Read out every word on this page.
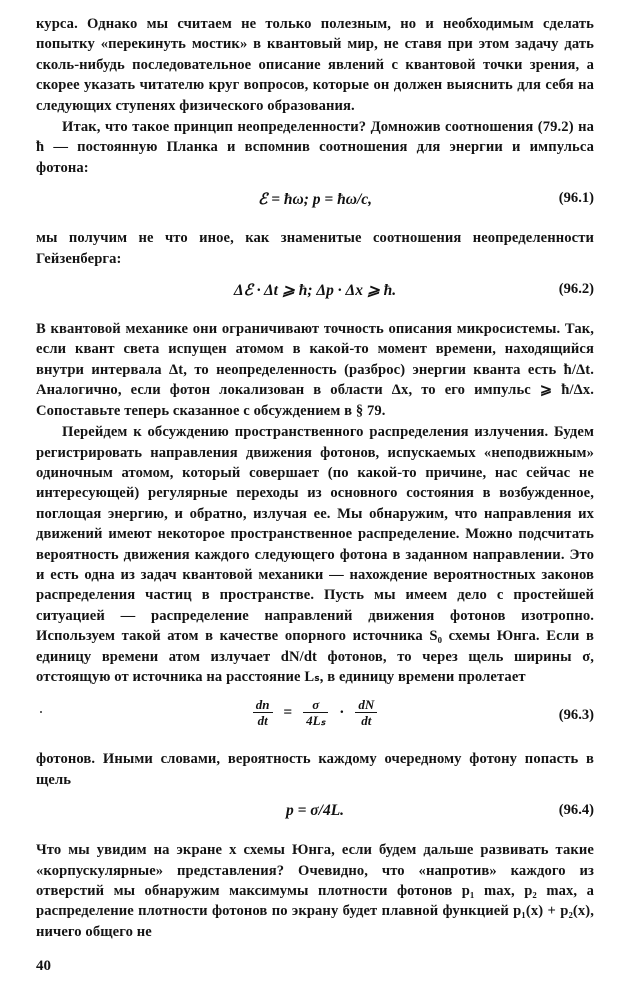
курса. Однако мы считаем не только полезным, но и необходимым сделать попытку «перекинуть мостик» в квантовый мир, не ставя при этом задачу дать сколь-нибудь последовательное описание явлений с квантовой точки зрения, а скорее указать читателю круг вопросов, которые он должен выяснить для себя на следующих ступенях физического образования.

Итак, что такое принцип неопределенности? Домножив соотношения (79.2) на ħ — постоянную Планка и вспомнив соотношения для энергии и импульса фотона:

ℰ = ħω; p = ħω/c,	(96.1)

мы получим не что иное, как знаменитые соотношения неопределенности Гейзенберга:

Δℰ · Δt ⩾ ħ; Δp · Δx ⩾ ħ.	(96.2)

В квантовой механике они ограничивают точность описания микросистемы. Так, если квант света испущен атомом в какой-то момент времени, находящийся внутри интервала Δt, то неопределенность (разброс) энергии кванта есть ħ/Δt. Аналогично, если фотон локализован в области Δx, то его импульс ⩾ ħ/Δx. Сопоставьте теперь сказанное с обсуждением в § 79.

Перейдем к обсуждению пространственного распределения излучения. Будем регистрировать направления движения фотонов, испускаемых «неподвижным» одиночным атомом, который совершает (по какой-то причине, нас сейчас не интересующей) регулярные переходы из основного состояния в возбужденное, поглощая энергию, и обратно, излучая ее. Мы обнаружим, что направления их движений имеют некоторое пространственное распределение. Можно подсчитать вероятность движения каждого следующего фотона в заданном направлении. Это и есть одна из задач квантовой механики — нахождение вероятностных законов распределения частиц в пространстве. Пусть мы имеем дело с простейшей ситуацией — распределение направлений движения фотонов изотропно. Используем такой атом в качестве опорного источника S₀ схемы Юнга. Если в единицу времени атом излучает dN/dt фотонов, то через щель ширины σ, отстоящую от источника на расстояние Lₛ, в единицу времени пролетает

$\frac{dn}{dt} = \frac{\sigma}{\text{4Lₛ}} \cdot \frac{dN}{dt}$	(96.3)

фотонов. Иными словами, вероятность каждому очередному фотону попасть в щель

p = σ/4L.	(96.4)

Что мы увидим на экране x схемы Юнга, если будем дальше развивать такие «корпускулярные» представления? Очевидно, что «напротив» каждого из отверстий мы обнаружим максимумы плотности фотонов p₁ max, p₂ max, а распределение плотности фотонов по экрану будет плавной функцией p₁(x) + p₂(x), ничего общего не

40
